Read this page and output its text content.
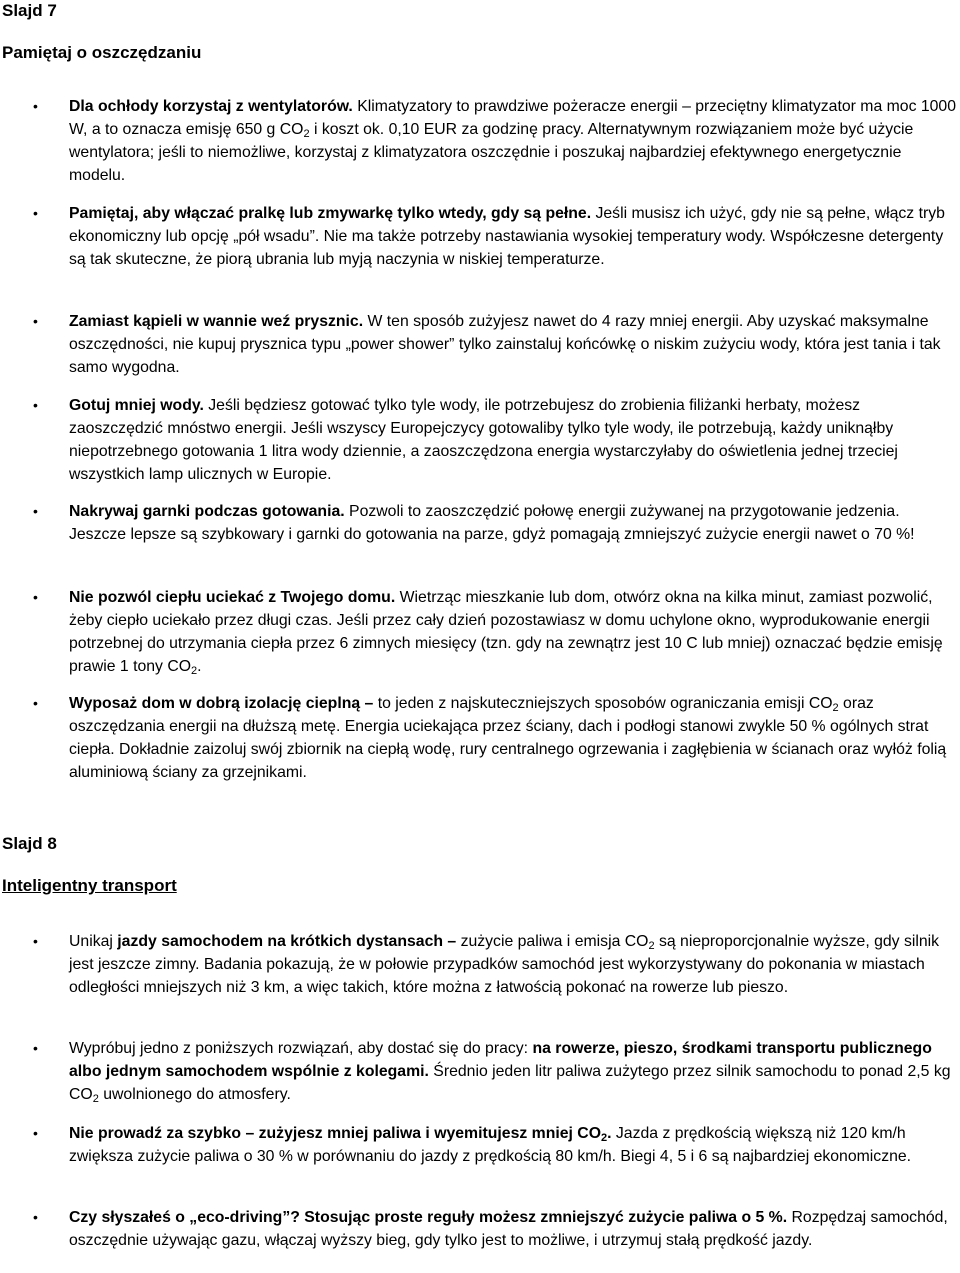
Slajd 7
Pamiętaj o oszczędzaniu
• Dla ochłody korzystaj z wentylatorów. Klimatyzatory to prawdziwe pożeracze energii – przeciętny klimatyzator ma moc 1000 W, a to oznacza emisję 650 g $CO_2$ i koszt ok. 0,10 EUR za godzinę pracy. Alternatywnym rozwiązaniem może być użycie wentylatora; jeśli to niemożliwe, korzystaj z klimatyzatora oszczędnie i poszukaj najbardziej efektywnego energetycznie modelu.
• Pamiętaj, aby włączać pralkę lub zmywarkę tylko wtedy, gdy są pełne. Jeśli musisz ich użyć, gdy nie są pełne, włącz tryb ekonomiczny lub opcję „pół wsadu”. Nie ma także potrzeby nastawiania wysokiej temperatury wody. Współczesne detergenty są tak skuteczne, że piorą ubrania lub myją naczynia w niskiej temperaturze.
• Zamiast kąpieli w wannie weź prysznic. W ten sposób zużyjesz nawet do 4 razy mniej energii. Aby uzyskać maksymalne oszczędności, nie kupuj prysznica typu „power shower” tylko zainstaluj końcówkę o niskim zużyciu wody, która jest tania i tak samo wygodna.
• Gotuj mniej wody. Jeśli będziesz gotować tylko tyle wody, ile potrzebujesz do zrobienia filiżanki herbaty, możesz zaoszczędzić mnóstwo energii. Jeśli wszyscy Europejczycy gotowaliby tylko tyle wody, ile potrzebują, każdy uniknąłby niepotrzebnego gotowania 1 litra wody dziennie, a zaoszczędzona energia wystarczyłaby do oświetlenia jednej trzeciej wszystkich lamp ulicznych w Europie.
• Nakrywaj garnki podczas gotowania. Pozwoli to zaoszczędzić połowę energii zużywanej na przygotowanie jedzenia. Jeszcze lepsze są szybkowary i garnki do gotowania na parze, gdyż pomagają zmniejszyć zużycie energii nawet o 70 %!
• Nie pozwól ciepłu uciekać z Twojego domu. Wietrząc mieszkanie lub dom, otwórz okna na kilka minut, zamiast pozwolić, żeby ciepło uciekało przez długi czas. Jeśli przez cały dzień pozostawiasz w domu uchylone okno, wyprodukowanie energii potrzebnej do utrzymania ciepła przez 6 zimnych miesięcy (tzn. gdy na zewnątrz jest 10 C lub mniej) oznaczać będzie emisję prawie 1 tony $CO_2$.
• Wyposaż dom w dobrą izolację cieplną – to jeden z najskuteczniejszych sposobów ograniczania emisji $CO_2$ oraz oszczędzania energii na dłuższą metę. Energia uciekająca przez ściany, dach i podłogi stanowi zwykle 50 % ogólnych strat ciepła. Dokładnie zaizoluj swój zbiornik na ciepłą wodę, rury centralnego ogrzewania i zagłębienia w ścianach oraz wyłóż folią aluminiową ściany za grzejnikami.
Slajd 8
Inteligentny transport
• Unikaj jazdy samochodem na krótkich dystansach – zużycie paliwa i emisja $CO_2$ są nieproporcjonalnie wyższe, gdy silnik jest jeszcze zimny. Badania pokazują, że w połowie przypadków samochód jest wykorzystywany do pokonania w miastach odległości mniejszych niż 3 km, a więc takich, które można z łatwością pokonać na rowerze lub pieszo.
• Wypróbuj jedno z poniższych rozwiązań, aby dostać się do pracy: na rowerze, pieszo, środkami transportu publicznego albo jednym samochodem wspólnie z kolegami. Średnio jeden litr paliwa zużytego przez silnik samochodu to ponad 2,5 kg $CO_2$ uwolnionego do atmosfery.
• Nie prowadź za szybko – zużyjesz mniej paliwa i wyemitujesz mniej $CO_2$. Jazda z prędkością większą niż 120 km/h zwiększa zużycie paliwa o 30 % w porównaniu do jazdy z prędkością 80 km/h. Biegi 4, 5 i 6 są najbardziej ekonomiczne.
• Czy słyszałeś o „eco-driving”? Stosując proste reguły możesz zmniejszyć zużycie paliwa o 5 %. Rozpędzaj samochód, oszczędnie używając gazu, włączaj wyższy bieg, gdy tylko jest to możliwe, i utrzymuj stałą prędkość jazdy.
